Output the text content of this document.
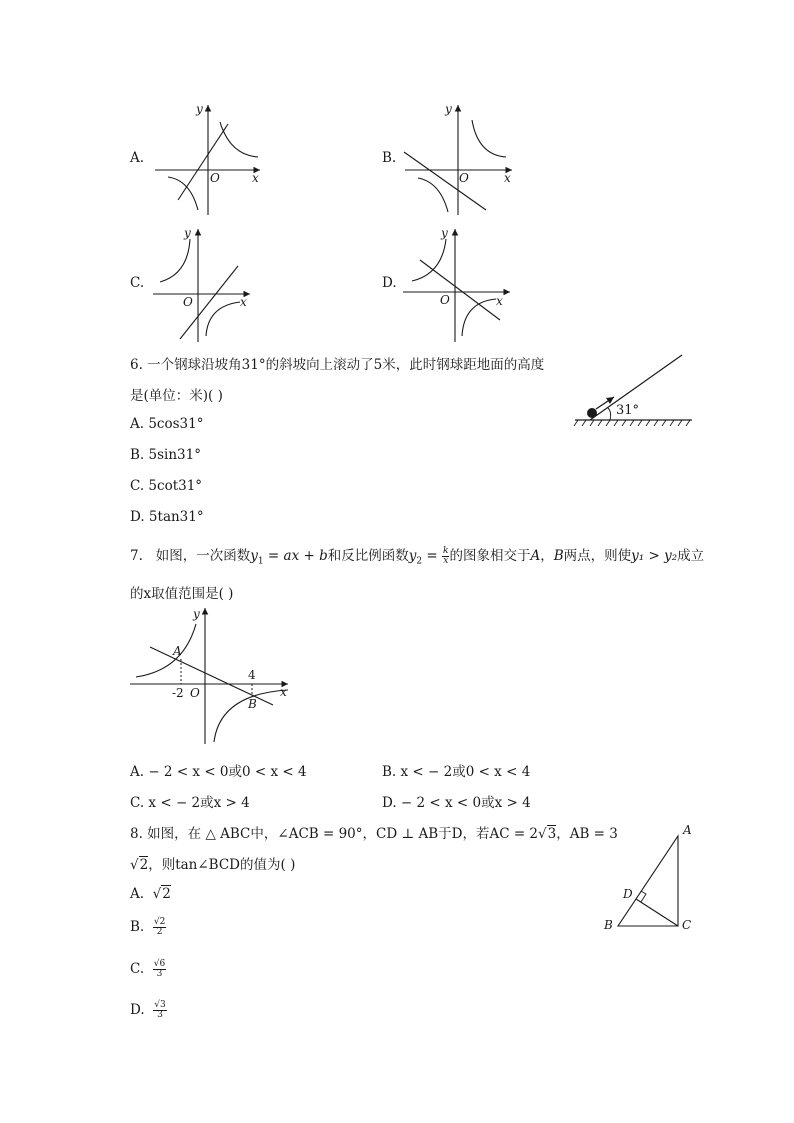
A.
x
y
O
B.
x
y
O
C.
x
y
O
D.
x
y
O
6. 一个钢球沿坡角31°的斜坡向上滚动了5米，此时钢球距地面的高度
是(单位：米)( )
A. 5cos31°
B. 5sin31°
C. 5cot31°
D. 5tan31°
31°
7. 如图，一次函数$y_1$ = ax + b和反比例函数$y_2 = \frac{k}{x}$ 的图象相交于A，B两点，则使y₁ > y₂成立
的x取值范围是( )
A
B
-2
4
O	x
y
A. − 2 < x < 0或0 < x < 4	B. x < − 2或0 < x < 4
C. x < − 2或x > 4	D. − 2 < x < 0或x > 4
8. 如图，在 △ ABC中，∠ACB = 90°，CD ⊥ AB于D，若AC = 2√3，AB = 3
√2，则tan∠BCD的值为( )
A. √2
B. $\frac{√2}{2}$
C. $\frac{√6}{3}$
D. $\frac{√3}{3}$
A
B	C
D
